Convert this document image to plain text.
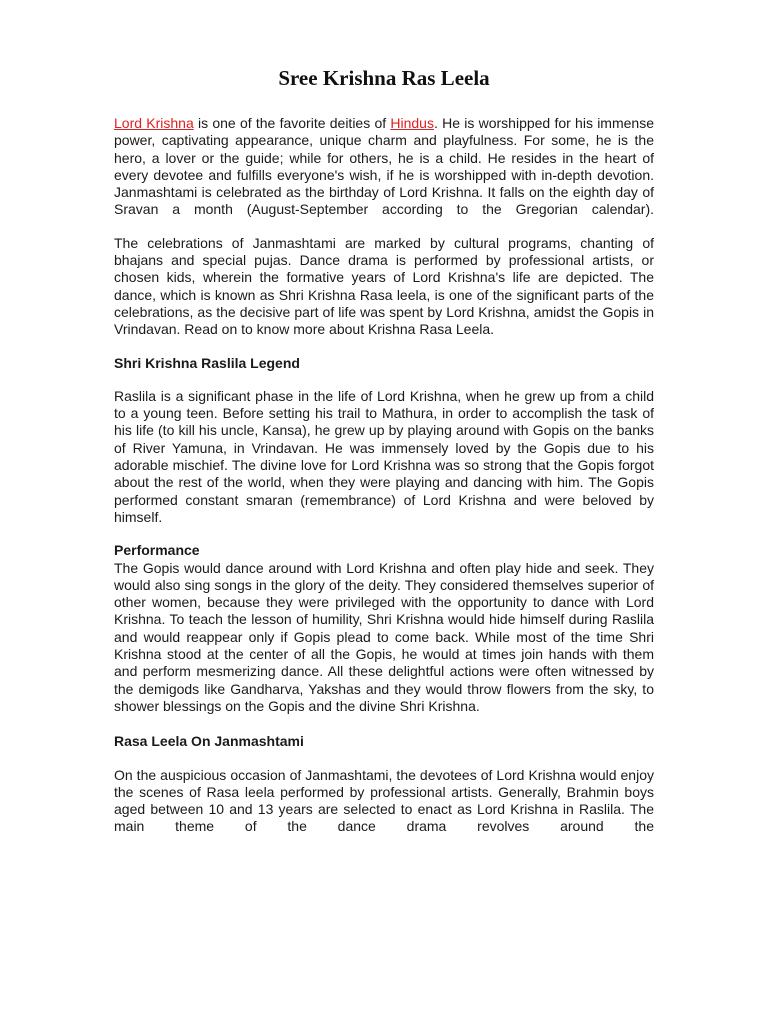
Sree Krishna Ras Leela

Lord Krishna is one of the favorite deities of Hindus. He is worshipped for his immense power, captivating appearance, unique charm and playfulness. For some, he is the hero, a lover or the guide; while for others, he is a child. He resides in the heart of every devotee and fulfills everyone's wish, if he is worshipped with in-depth devotion. Janmashtami is celebrated as the birthday of Lord Krishna. It falls on the eighth day of Sravan a month (August-September according to the Gregorian calendar).

The celebrations of Janmashtami are marked by cultural programs, chanting of bhajans and special pujas. Dance drama is performed by professional artists, or chosen kids, wherein the formative years of Lord Krishna's life are depicted. The dance, which is known as Shri Krishna Rasa leela, is one of the significant parts of the celebrations, as the decisive part of life was spent by Lord Krishna, amidst the Gopis in Vrindavan. Read on to know more about Krishna Rasa Leela.

Shri Krishna Raslila Legend

Raslila is a significant phase in the life of Lord Krishna, when he grew up from a child to a young teen. Before setting his trail to Mathura, in order to accomplish the task of his life (to kill his uncle, Kansa), he grew up by playing around with Gopis on the banks of River Yamuna, in Vrindavan. He was immensely loved by the Gopis due to his adorable mischief. The divine love for Lord Krishna was so strong that the Gopis forgot about the rest of the world, when they were playing and dancing with him. The Gopis performed constant smaran (remembrance) of Lord Krishna and were beloved by himself.

Performance

The Gopis would dance around with Lord Krishna and often play hide and seek. They would also sing songs in the glory of the deity. They considered themselves superior of other women, because they were privileged with the opportunity to dance with Lord Krishna. To teach the lesson of humility, Shri Krishna would hide himself during Raslila and would reappear only if Gopis plead to come back. While most of the time Shri Krishna stood at the center of all the Gopis, he would at times join hands with them and perform mesmerizing dance. All these delightful actions were often witnessed by the demigods like Gandharva, Yakshas and they would throw flowers from the sky, to shower blessings on the Gopis and the divine Shri Krishna.

Rasa Leela On Janmashtami

On the auspicious occasion of Janmashtami, the devotees of Lord Krishna would enjoy the scenes of Rasa leela performed by professional artists. Generally, Brahmin boys aged between 10 and 13 years are selected to enact as Lord Krishna in Raslila. The main theme of the dance drama revolves around the
